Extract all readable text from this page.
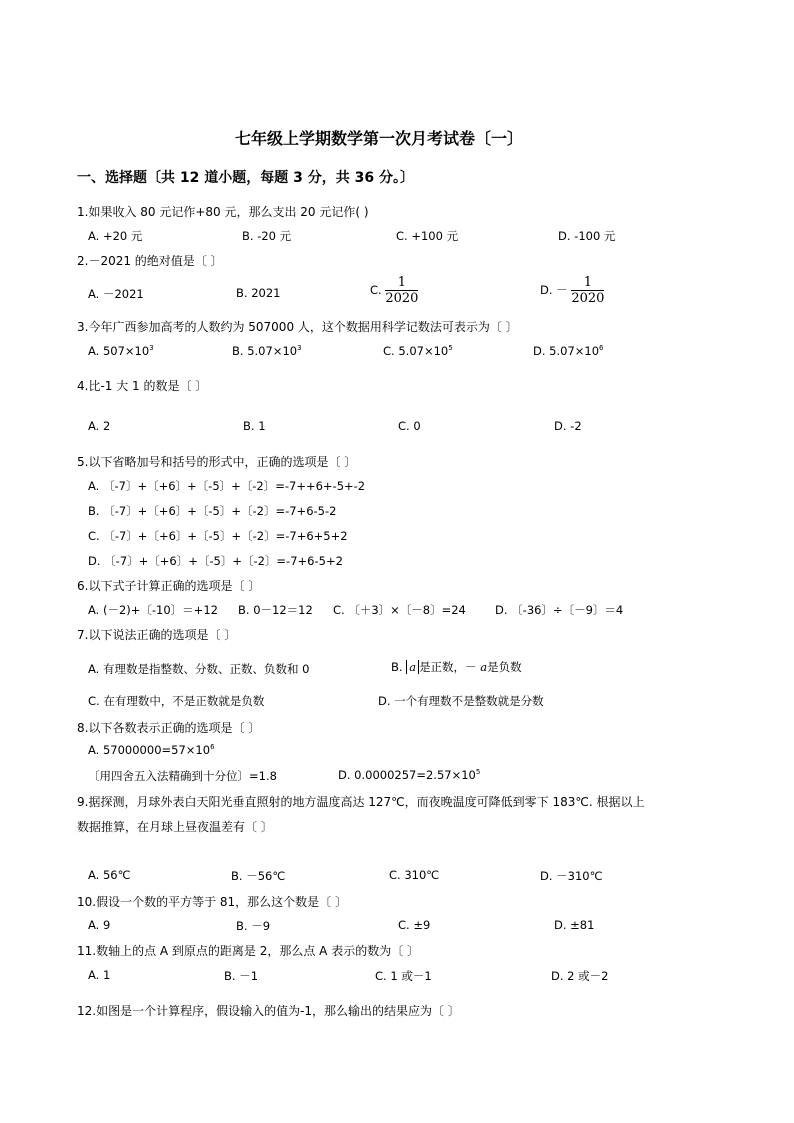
七年级上学期数学第一次月考试卷〔一〕
一、选择题〔共 12 道小题，每题 3 分，共 36 分。〕
1.如果收入 80 元记作+80 元，那么支出 20 元记作( )
A. +20 元	B. -20 元	C. +100 元	D. -100 元
2.－2021 的绝对值是〔 〕
A. －2021	B. 2021	C. $\frac{1}{2020}$	D. － $\frac{1}{2020}$
3.今年广西参加高考的人数约为 507000 人，这个数据用科学记数法可表示为〔 〕
A. $507\times 10^3$	B. $5.07\times 10^3$	C. $5.07\times 10^5$	D. $5.07\times 10^6$
4.比-1 大 1 的数是〔 〕
A. 2	B. 1	C. 0	D. -2
5.以下省略加号和括号的形式中，正确的选项是〔 〕
A. 〔-7〕+〔+6〕+〔-5〕+〔-2〕=-7++6+-5+-2
B. 〔-7〕+〔+6〕+〔-5〕+〔-2〕=-7+6-5-2
C. 〔-7〕+〔+6〕+〔-5〕+〔-2〕=-7+6+5+2
D. 〔-7〕+〔+6〕+〔-5〕+〔-2〕=-7+6-5+2
6.以下式子计算正确的选项是〔 〕
A. (－2)+〔-10〕＝+12 B. 0－12＝12 C. 〔＋3〕×〔－8〕=24	D. 〔-36〕÷〔－9〕＝4
7.以下说法正确的选项是〔 〕
A. 有理数是指整数、分数、正数、负数和 0	B. a 是正数，－ a是负数
C. 在有理数中，不是正数就是负数	D. 一个有理数不是整数就是分数
8.以下各数表示正确的选项是〔 〕
A. $57000000=57\times 10^6$
〔用四舍五入法精确到十分位〕=1.8	D. $0.0000257=2.57\times 10^5$
9.据探测，月球外表白天阳光垂直照射的地方温度高达 127℃，而夜晚温度可降低到零下 183℃. 根据以上
数据推算，在月球上昼夜温差有〔 〕
A. 56℃	B. －56℃	C. 310℃	D. －310℃
10.假设一个数的平方等于 81，那么这个数是〔 〕
A. 9	B. －9	C. ±9	D. ±81
11.数轴上的点 A 到原点的距离是 2，那么点 A 表示的数为〔 〕
A. 1	B. －1	C. 1 或－1	D. 2 或－2
12.如图是一个计算程序，假设输入的值为-1，那么输出的结果应为〔 〕
